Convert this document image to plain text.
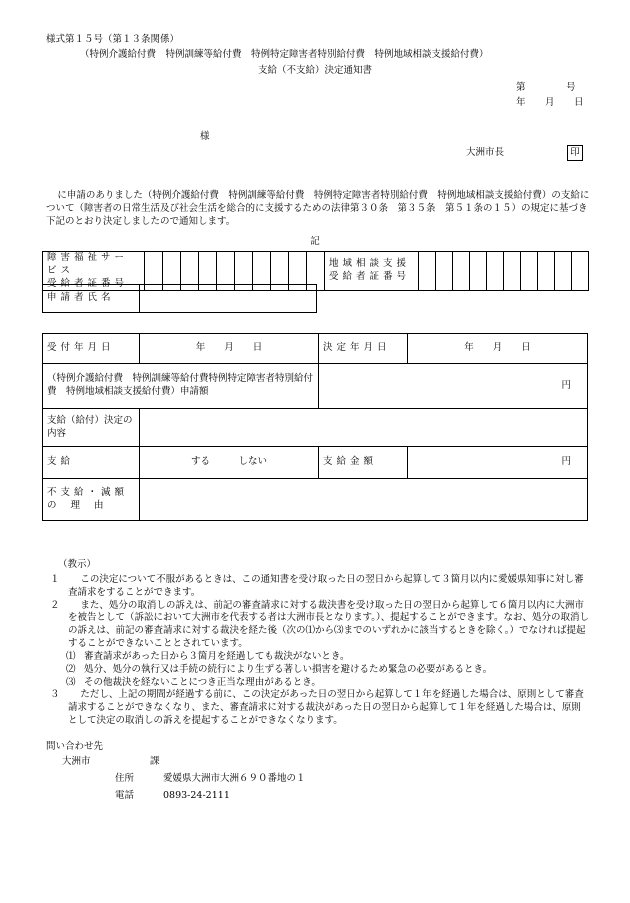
様式第１５号（第１３条関係）
（特例介護給付費　特例訓練等給付費　特例特定障害者特別給付費　特例地域相談支援給付費）
支給（不支給）決定通知書
第　　　号
年　月　日
様
大洲市長	印
に申請のありました（特例介護給付費　特例訓練等給付費　特例特定障害者特別給付費　特例地域相談支援給付費）の支給について（障害者の日常生活及び社会生活を総合的に支援するための法律第３０条　第３５条　第５１条の１５）の規定に基づき下記のとおり決定しましたので通知します。
記
障害福祉サービス
受給者証番号

地域相談支援
受給者証番号

申請者氏名	
受付年月日	年　　月　　日	決定年月日	年　　月　　日
（特例介護給付費　特例訓練等給付費特例特定障害者特別給付費　特例地域相談支援給付費）申請額		円	
支給（給付）決定の内容			

支給	する　　　しない	支給金額	円

不支給・減額
の理由			

（教示）
１	この決定について不服があるときは、この通知書を受け取った日の翌日から起算して３箇月以内に愛媛県知事に対し審査請求をすることができます。
２	また、処分の取消しの訴えは、前記の審査請求に対する裁決書を受け取った日の翌日から起算して６箇月以内に大洲市を被告として（訴訟において大洲市を代表する者は大洲市長となります。）、提起することができます。なお、処分の取消しの訴えは、前記の審査請求に対する裁決を経た後（次の⑴から⑶までのいずれかに該当するときを除く。）でなければ提起することができないこととされています。
⑴ 審査請求があった日から３箇月を経過しても裁決がないとき。
⑵ 処分、処分の執行又は手続の続行により生ずる著しい損害を避けるため緊急の必要があるとき。
⑶ その他裁決を経ないことにつき正当な理由があるとき。
３	ただし、上記の期間が経過する前に、この決定があった日の翌日から起算して１年を経過した場合は、原則として審査請求することができなくなり、また、審査請求に対する裁決があった日の翌日から起算して１年を経過した場合は、原則として決定の取消しの訴えを提起することができなくなります。
問い合わせ先
大洲市	課
住所	愛媛県大洲市大洲６９０番地の１
電話	0893-24-2111
